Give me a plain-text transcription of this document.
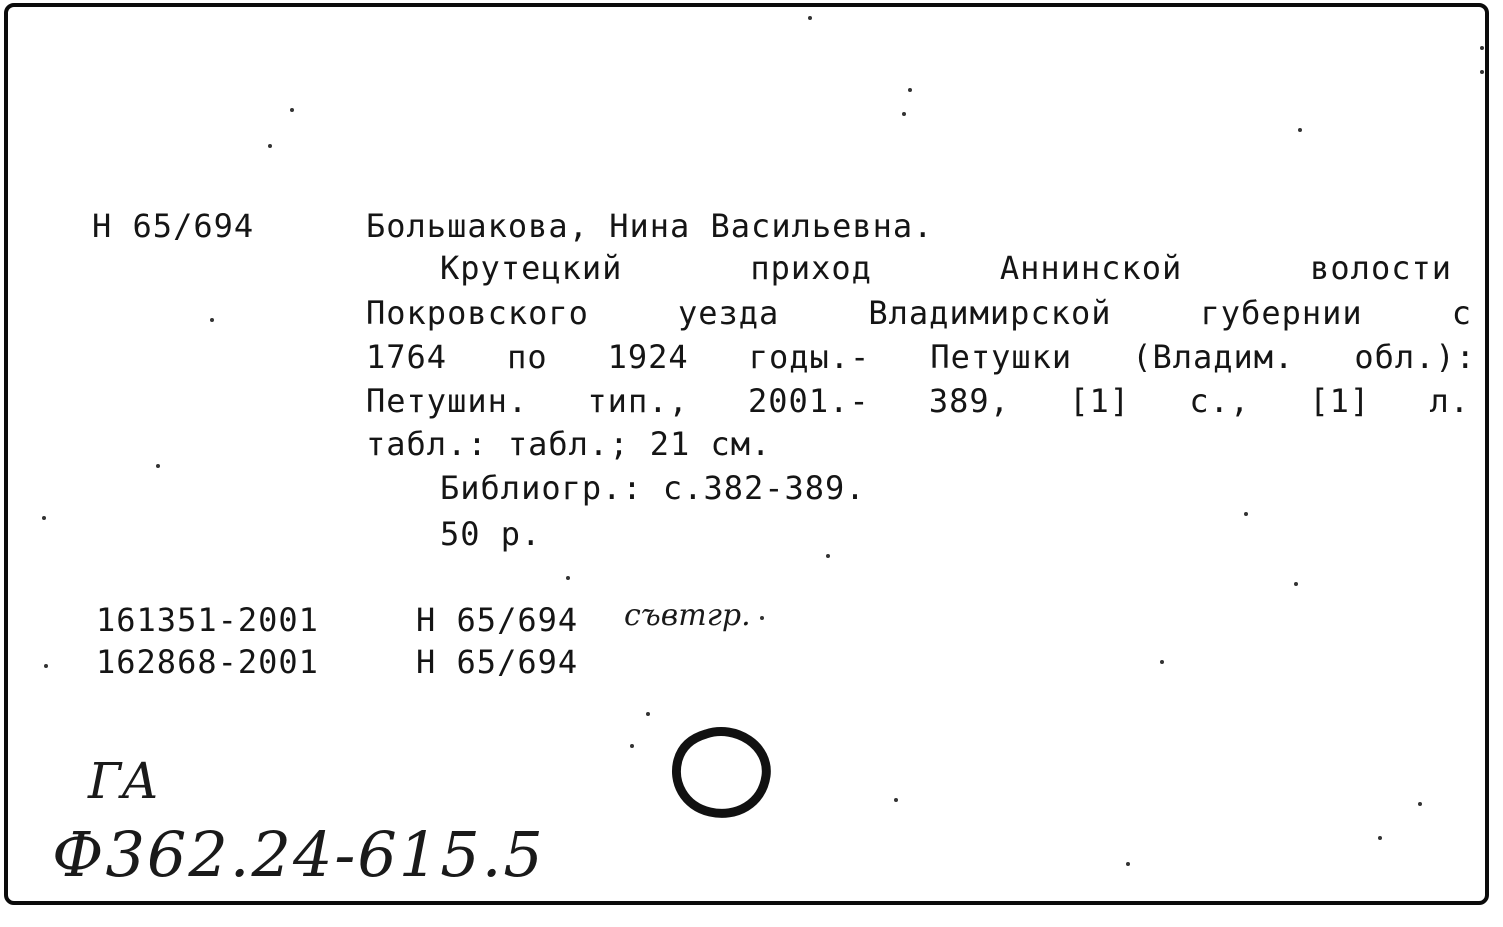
Н 65/694	Большакова, Нина Васильевна.
Крутецкий	приход	Аннинской	волости
Покровского	уезда	Владимирской	губернии	с
1764 по 1924 годы.- Петушки (Владим. обл.):
Петушин. тип., 2001.- 389, [1] с., [1] л.
табл.: табл.; 21 см.
Библиогр.: с.382-389.
50 р.
161351-2001	Н 65/694 съвтгр.
162868-2001	Н 65/694
ГА
Ф362.24-615.5
